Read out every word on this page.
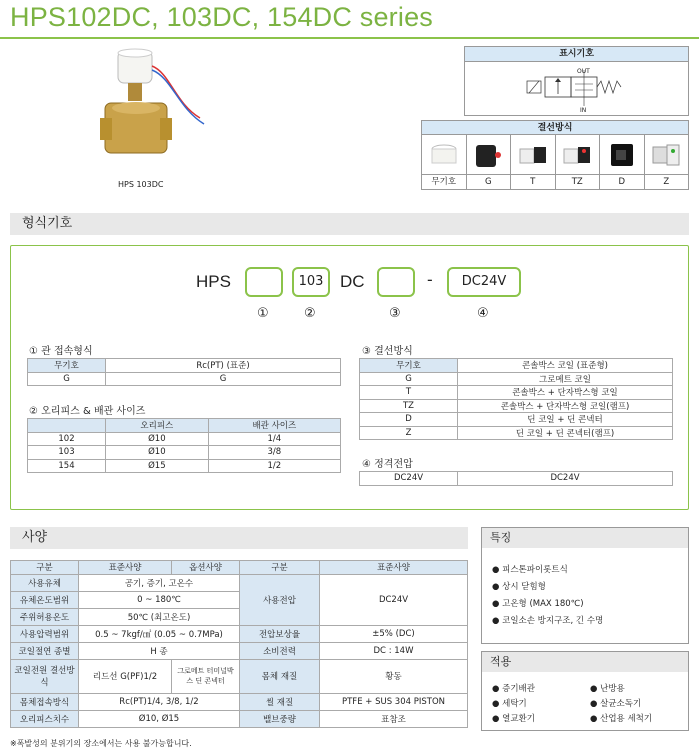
HPS102DC, 103DC, 154DC series
HPS 103DC
표시기호
OUT
IN
결선방식
무기호	G	T	TZ	D	Z
형식기호
HPS	103 DC	-	DC24V
①	②	③	④
① 관 접속형식
무기호	Rc(PT) (표준)
G	G
② 오리피스 & 배관 사이즈
	오리피스	배관 사이즈
102	Ø10	1/4
103	Ø10	3/8
154	Ø15	1/2
③ 결선방식
무기호	콘솔박스 코일 (표준형)
G	그로메트 코일
T	콘솔박스 + 단자박스형 코일
TZ	콘솔박스 + 단자박스형 코일(램프)
D	딘 코일 + 딘 콘넥터
Z	딘 코일 + 딘 콘넥터(램프)
④ 정격전압
DC24V	DC24V
사양
구분	표준사양	옵션사양	구분	표준사양
사용유체	공기, 증기, 고온수		사용전압	DC24V
유체온도범위	0 ~ 180℃			
주위허용온도	50℃ (최고온도)			
사용압력범위	0.5 ~ 7kgf/㎠ (0.05 ~ 0.7MPa)		전압보상율	±5% (DC)
코일절연 종별	H 종		소비전력	DC : 14W
코일전원 결선방식	리드선 G(PF)1/2	그로메트 터미널박스 딘 콘넥터	몸체 재질	황동
몸체접속방식	Rc(PT)1/4, 3/8, 1/2		씰 재질	PTFE + SUS 304 PISTON
오리피스치수	Ø10, Ø15		밸브중량	표참조
특징
● 피스톤파이롯트식
● 상시 닫힘형
● 고온형 (MAX 180℃)
● 코일소손 방지구조, 긴 수명
적용
● 증기배관	● 난방용
● 세탁기	● 살균소독기
● 열교환기	● 산업용 세척기
※폭발성의 분위기의 장소에서는 사용 불가능합니다.
